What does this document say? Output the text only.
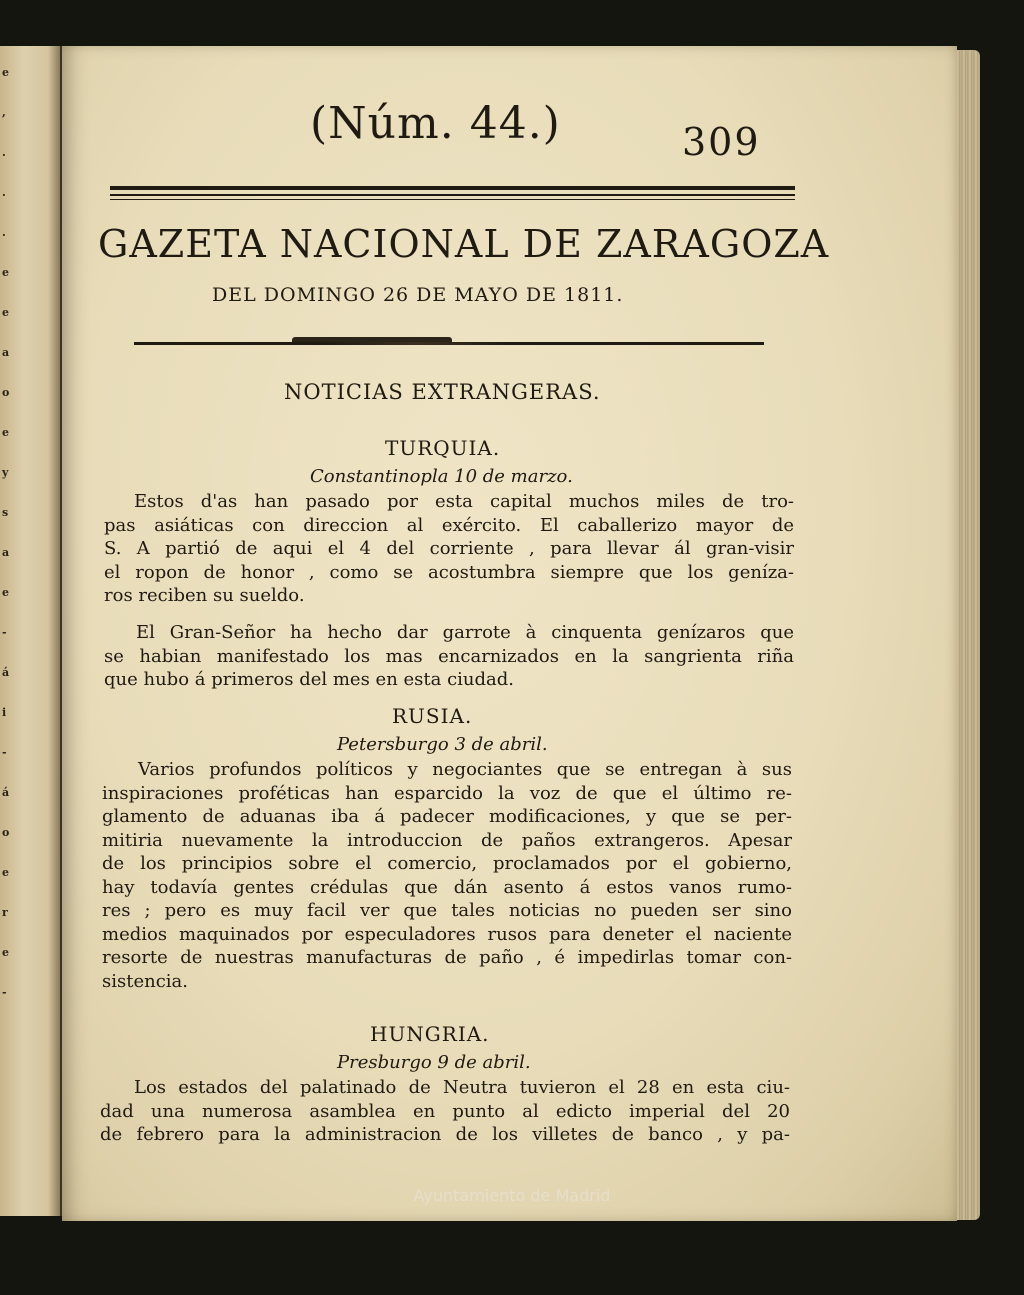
e
,
.
.
.
e
e
a
o
e
y
s
a
e
-
á
i
-
á
o
e
r
e
-
(Núm. 44.)	309
GAZETA NACIONAL DE ZARAGOZA
DEL DOMINGO 26 DE MAYO DE 1811.
NOTICIAS EXTRANGERAS.
TURQUIA.
Constantinopla 10 de marzo.
Estos d'as han pasado por esta capital muchos miles de tro-
pas asiáticas con direccion al exército. El caballerizo mayor de
S. A partió de aqui el 4 del corriente , para llevar ál gran-visir
el ropon de honor , como se acostumbra siempre que los geníza-
ros reciben su sueldo.
El Gran-Señor ha hecho dar garrote à cinquenta genízaros que
se habian manifestado los mas encarnizados en la sangrienta riña
que hubo á primeros del mes en esta ciudad.
RUSIA.
Petersburgo 3 de abril.
Varios profundos políticos y negociantes que se entregan à sus
inspiraciones proféticas han esparcido la voz de que el último re-
glamento de aduanas iba á padecer modificaciones, y que se per-
mitiria nuevamente la introduccion de paños extrangeros. Apesar
de los principios sobre el comercio, proclamados por el gobierno,
hay todavía gentes crédulas que dán asento á estos vanos rumo-
res ; pero es muy facil ver que tales noticias no pueden ser sino
medios maquinados por especuladores rusos para deneter el naciente
resorte de nuestras manufacturas de paño , é impedirlas tomar con-
sistencia.
HUNGRIA.
Presburgo 9 de abril.
Los estados del palatinado de Neutra tuvieron el 28 en esta ciu-
dad una numerosa asamblea en punto al edicto imperial del 20
de febrero para la administracion de los villetes de banco , y pa-
Ayuntamiento de Madrid
